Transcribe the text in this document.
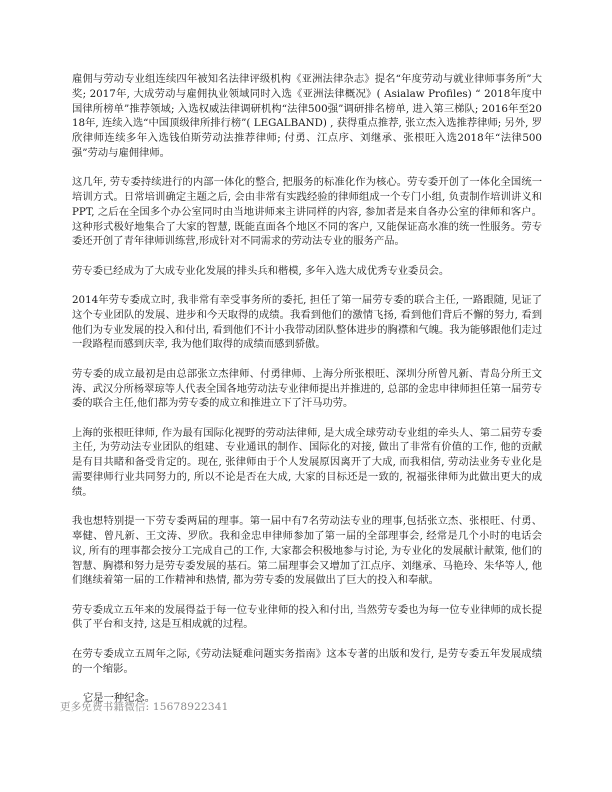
雇佣与劳动专业组连续四年被知名法律评级机构《亚洲法律杂志》提名“年度劳动与就业律师事务所”大奖; 2017年, 大成劳动与雇佣执业领域同时入选《亚洲法律概况》( Asialaw Profiles) “ 2018年度中国律所榜单”推荐领域; 入选权威法律调研机构“法律500强”调研排名榜单, 进入第三梯队; 2016年至2018年, 连续入选“中国顶级律所排行榜”( LEGALBAND) , 获得重点推荐, 张立杰入选推荐律师; 另外, 罗欣律师连续多年入选钱伯斯劳动法推荐律师; 付勇、江点序、刘继承、张根旺入选2018年“法律500强”劳动与雇佣律师。

这几年, 劳专委持续进行的内部一体化的整合, 把服务的标准化作为核心。劳专委开创了一体化全国统一培训方式。日常培训确定主题之后, 会由非常有实践经验的律师组成一个专门小组, 负责制作培训讲义和PPT, 之后在全国多个办公室同时由当地讲师来主讲同样的内容, 参加者是来自各办公室的律师和客户。这种形式极好地集合了大家的智慧, 既能直面各个地区不同的客户, 又能保证高水准的统一性服务。劳专委还开创了青年律师训练营,形成针对不同需求的劳动法专业的服务产品。

劳专委已经成为了大成专业化发展的排头兵和楷模, 多年入选大成优秀专业委员会。

2014年劳专委成立时, 我非常有幸受事务所的委托, 担任了第一届劳专委的联合主任, 一路跟随, 见证了这个专业团队的发展、进步和今天取得的成绩。我看到他们的激情飞扬, 看到他们背后不懈的努力, 看到他们为专业发展的投入和付出, 看到他们不计小我带动团队整体进步的胸襟和气魄。我为能够跟他们走过一段路程而感到庆幸, 我为他们取得的成绩而感到骄傲。

劳专委的成立最初是由总部张立杰律师、付勇律师、上海分所张根旺、深圳分所曾凡新、青岛分所王文涛、武汉分所杨翠琼等人代表全国各地劳动法专业律师提出并推进的, 总部的金忠申律师担任第一届劳专委的联合主任,他们都为劳专委的成立和推进立下了汗马功劳。

上海的张根旺律师, 作为最有国际化视野的劳动法律师, 是大成全球劳动专业组的牵头人、第二届劳专委主任, 为劳动法专业团队的组建、专业通讯的制作、国际化的对接, 做出了非常有价值的工作, 他的贡献是有目共睹和备受肯定的。现在, 张律师由于个人发展原因离开了大成, 而我相信, 劳动法业务专业化是需要律师行业共同努力的, 所以不论是否在大成, 大家的目标还是一致的, 祝福张律师为此做出更大的成绩。

我也想特别提一下劳专委两届的理事。第一届中有7名劳动法专业的理事,包括张立杰、张根旺、付勇、辜健、曾凡新、王文涛、罗欣。我和金忠申律师参加了第一届的全部理事会, 经常是几个小时的电话会议, 所有的理事都会按分工完成自己的工作, 大家都会积极地参与讨论, 为专业化的发展献计献策, 他们的智慧、胸襟和努力是劳专委发展的基石。第二届理事会又增加了江点序、刘继承、马艳玲、朱华等人, 他们继续着第一届的工作精神和热情, 都为劳专委的发展做出了巨大的投入和奉献。

劳专委成立五年来的发展得益于每一位专业律师的投入和付出, 当然劳专委也为每一位专业律师的成长提供了平台和支持, 这是互相成就的过程。

在劳专委成立五周年之际,《劳动法疑难问题实务指南》这本专著的出版和发行, 是劳专委五年发展成绩的一个缩影。

它是一种纪念。

更多免费书籍微信: 15678922341
